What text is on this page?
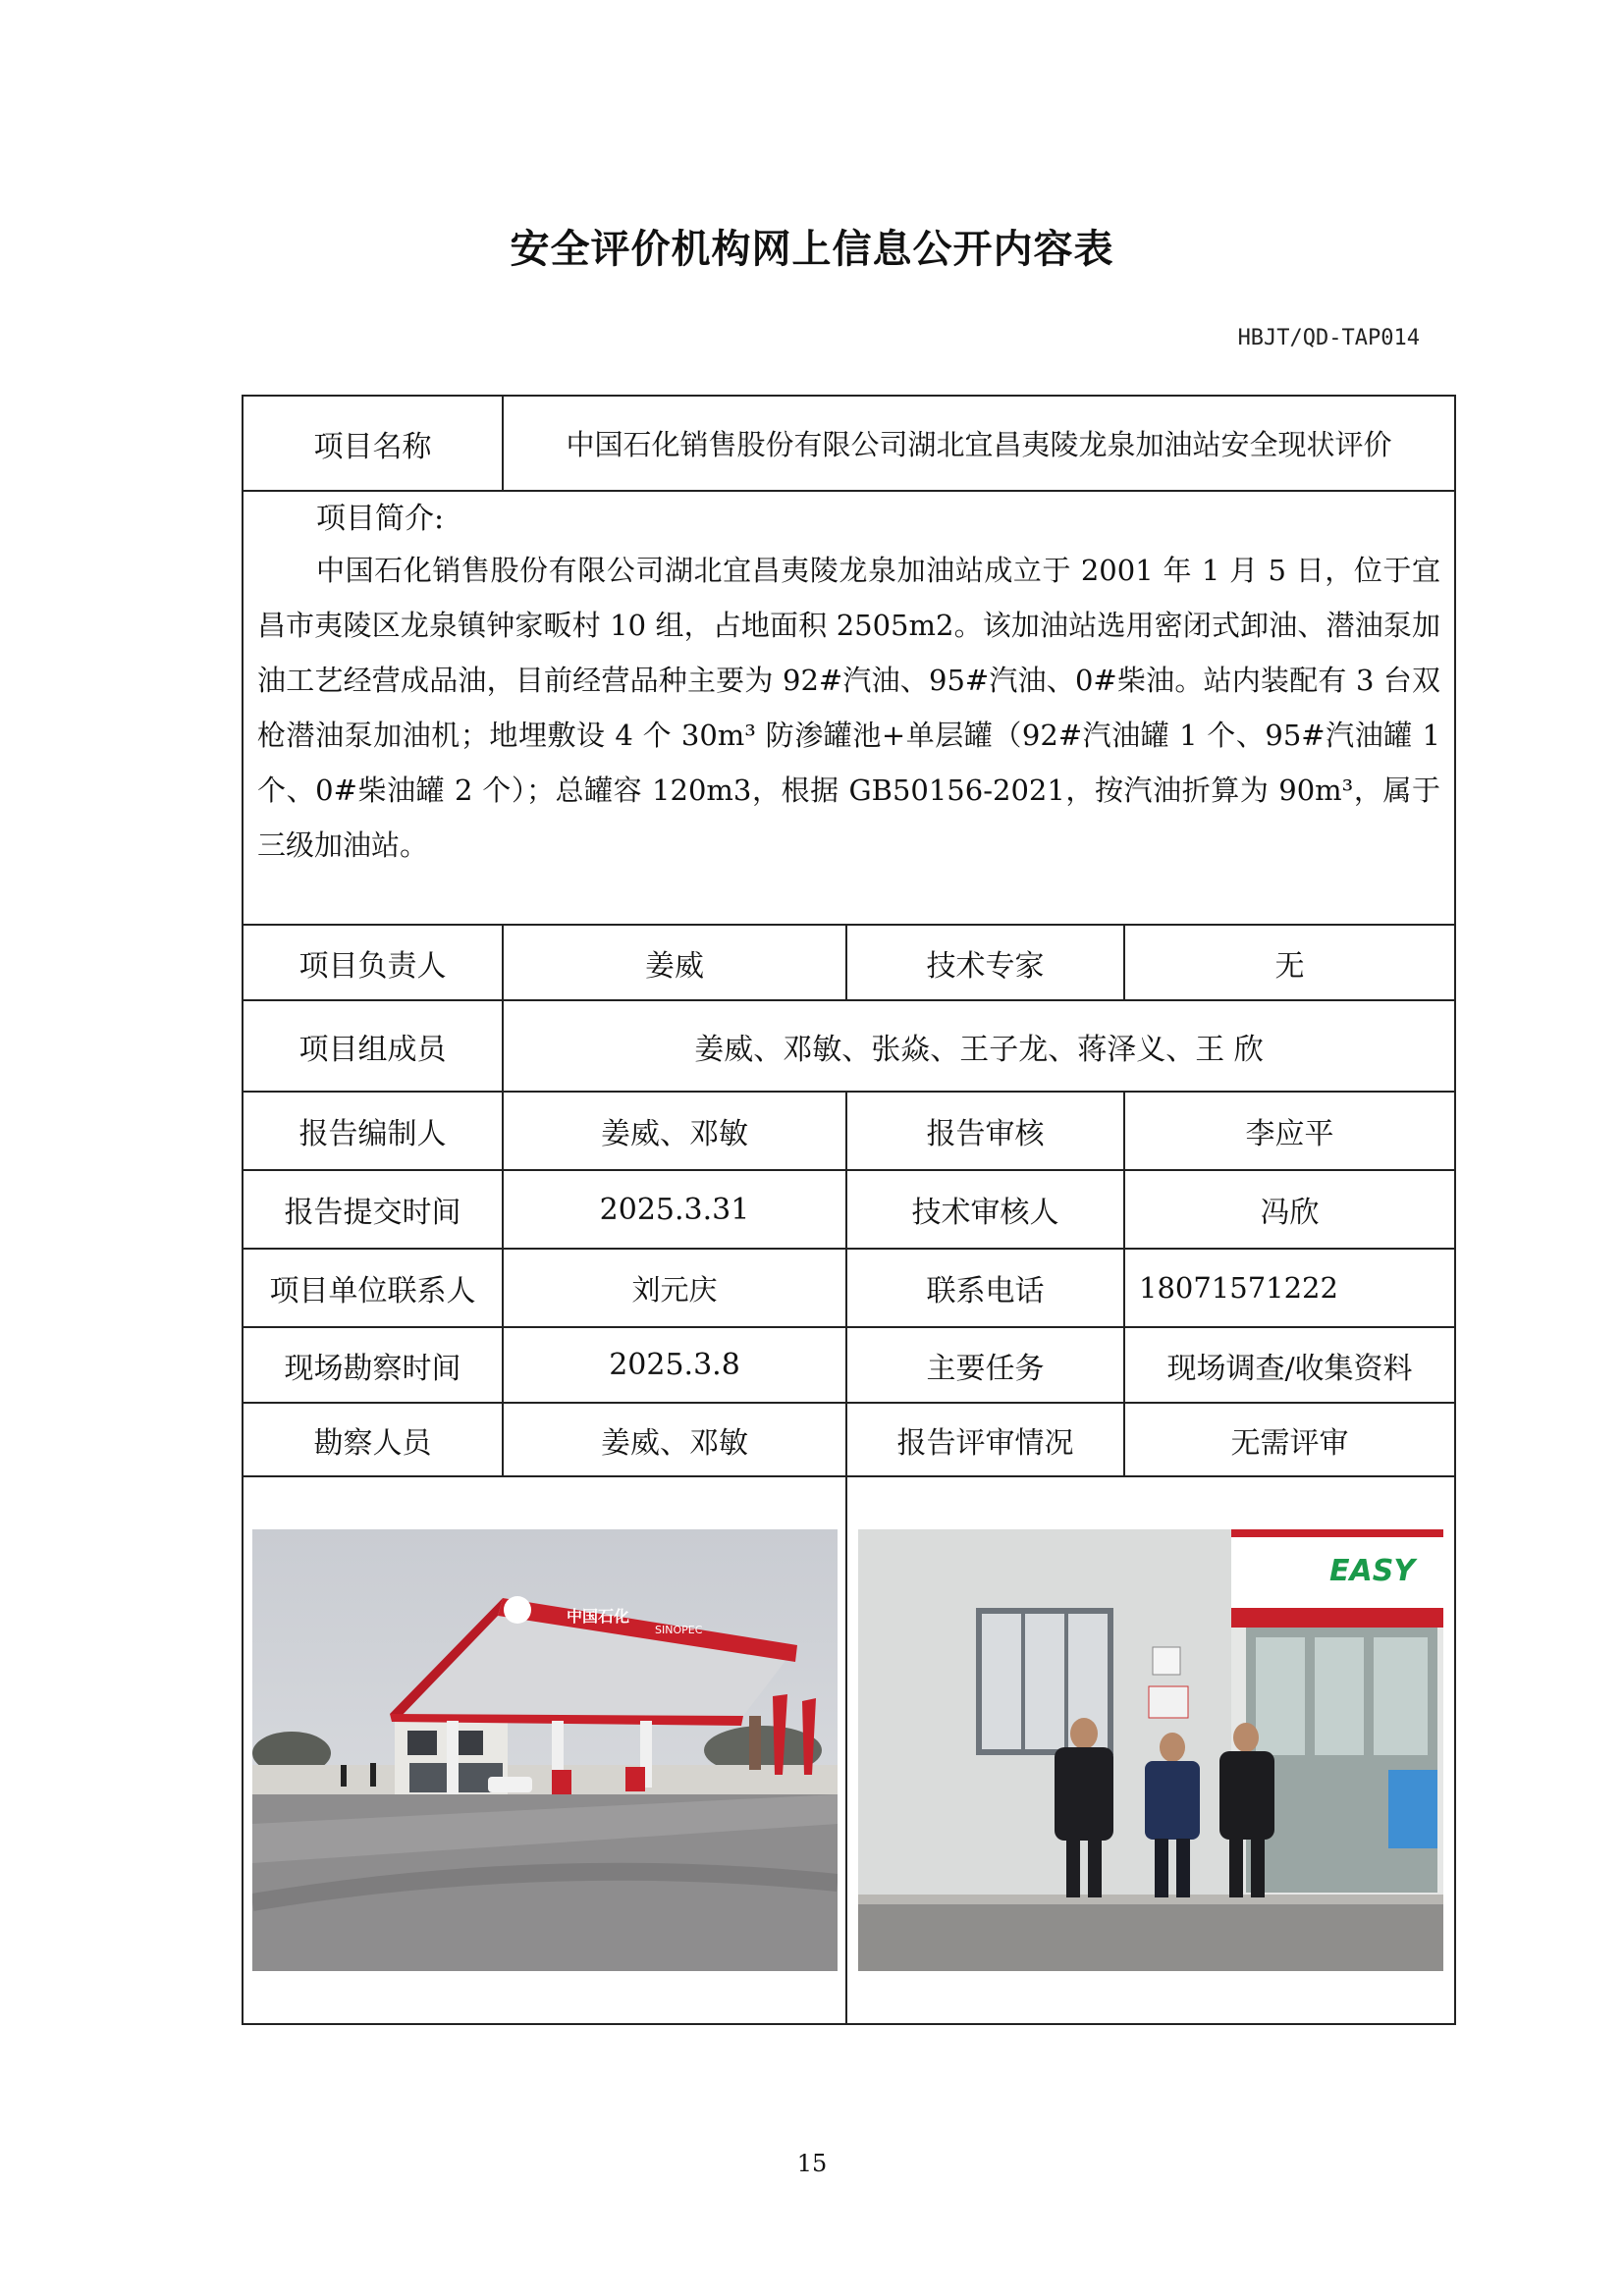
安全评价机构网上信息公开内容表
HBJT/QD-TAP014
项目名称	中国石化销售股份有限公司湖北宜昌夷陵龙泉加油站安全现状评价		

项目简介:
中国石化销售股份有限公司湖北宜昌夷陵龙泉加油站成立于 2001 年 1 月 5 日，位于宜昌市夷陵区龙泉镇钟家畈村 10 组，占地面积 2505m2。该加油站选用密闭式卸油、潜油泵加油工艺经营成品油，目前经营品种主要为 92#汽油、95#汽油、0#柴油。站内装配有 3 台双枪潜油泵加油机；地埋敷设 4 个 30m³ 防渗罐池+单层罐（92#汽油罐 1 个、95#汽油罐 1 个、0#柴油罐 2 个）；总罐容 120m3，根据 GB50156-2021，按汽油折算为 90m³，属于三级加油站。			

项目负责人	姜威	技术专家	无
项目组成员	姜威、邓敏、张焱、王子龙、蒋泽义、王 欣		
报告编制人	姜威、邓敏	报告审核	李应平
报告提交时间	2025.3.31	技术审核人	冯欣
项目单位联系人	刘元庆	联系电话	18071571222
现场勘察时间	2025.3.8	主要任务	现场调查/收集资料
勘察人员	姜威、邓敏	报告评审情况	无需评审

中国石化
SINOPEC		EASY	
15
